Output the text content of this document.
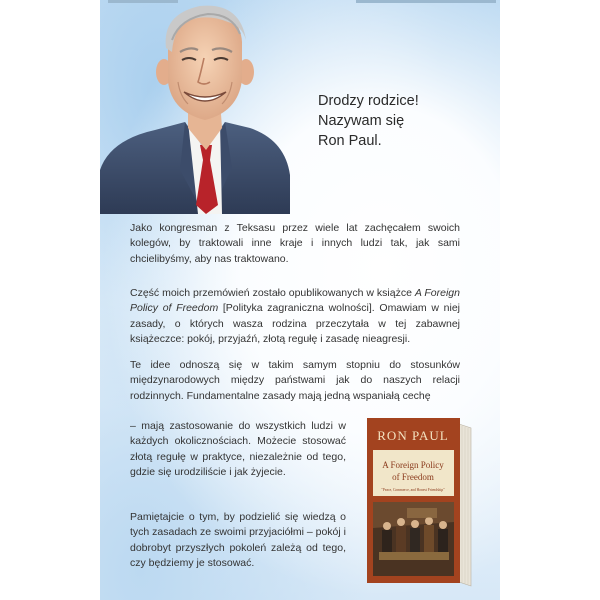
Drodzy rodzice!
Nazywam się
Ron Paul.
Jako kongresman z Teksasu przez wiele lat zachęcałem swoich kolegów, by traktowali inne kraje i innych ludzi tak, jak sami chcielibyśmy, aby nas traktowano.
Część moich przemówień zostało opublikowanych w książce A Foreign Policy of Freedom [Polityka zagraniczna wolności]. Omawiam w niej zasady, o których wasza rodzina przeczytała w tej zabawnej książeczce: pokój, przyjaźń, złotą regułę i zasadę nieagresji.
Te idee odnoszą się w takim samym stopniu do stosunków międzynarodowych między państwami jak do naszych relacji rodzinnych. Fundamentalne zasady mają jedną wspaniałą cechę
– mają zastosowanie do wszystkich ludzi w każdych okolicznościach. Możecie stosować złotą regułę w praktyce, niezależnie od tego, gdzie się urodziliście i jak żyjecie.
Pamiętajcie o tym, by podzielić się wiedzą o tych zasadach ze swoimi przyjaciółmi – pokój i dobrobyt przyszłych pokoleń zależą od tego, czy będziemy je stosować.
RON PAUL
A Foreign Policy
of Freedom
"Peace, Commerce, and Honest Friendship"
